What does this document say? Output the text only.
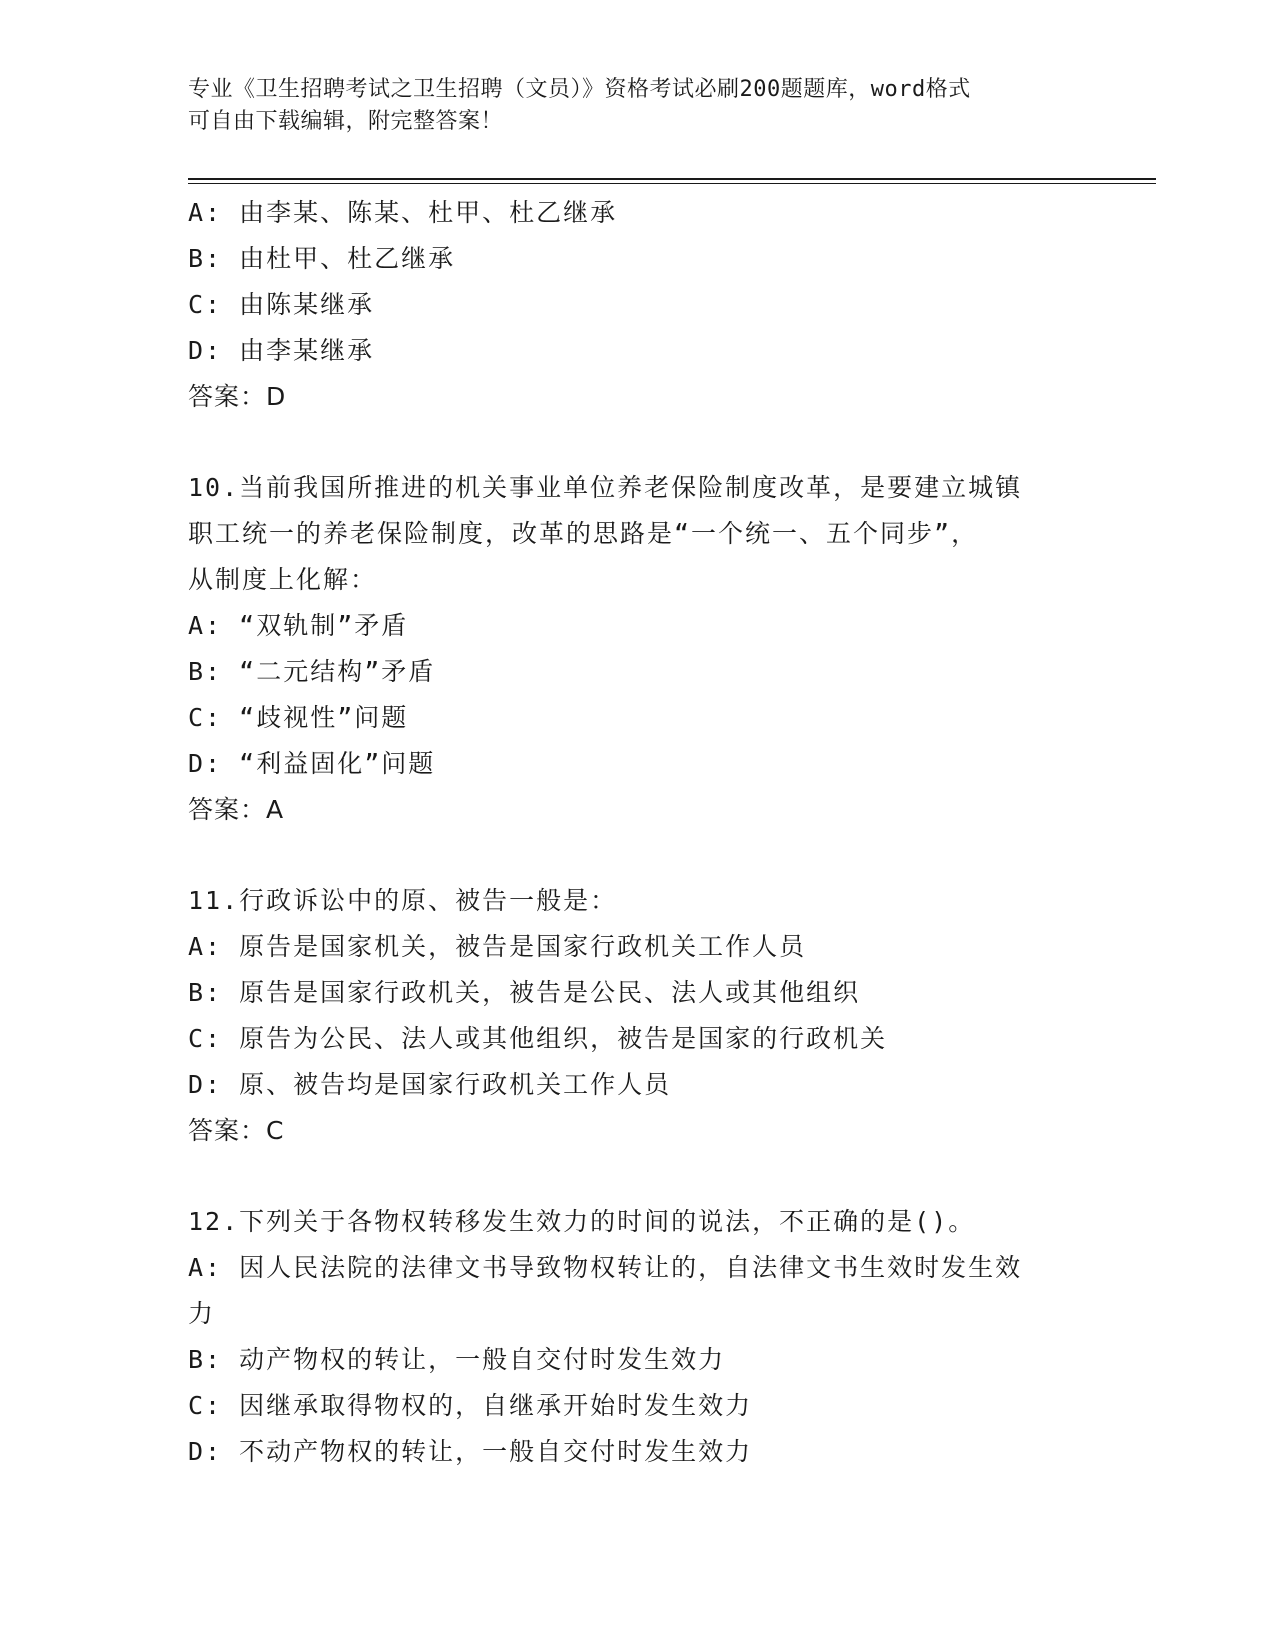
专业《卫生招聘考试之卫生招聘（文员）》资格考试必刷200题题库，word格式
可自由下载编辑，附完整答案！
A: 由李某、陈某、杜甲、杜乙继承
B: 由杜甲、杜乙继承
C: 由陈某继承
D: 由李某继承
答案：D
10.当前我国所推进的机关事业单位养老保险制度改革，是要建立城镇
职工统一的养老保险制度，改革的思路是“一个统一、五个同步”，
从制度上化解：
A: “双轨制”矛盾
B: “二元结构”矛盾
C: “歧视性”问题
D: “利益固化”问题
答案：A
11.行政诉讼中的原、被告一般是：
A: 原告是国家机关，被告是国家行政机关工作人员
B: 原告是国家行政机关，被告是公民、法人或其他组织
C: 原告为公民、法人或其他组织，被告是国家的行政机关
D: 原、被告均是国家行政机关工作人员
答案：C
12.下列关于各物权转移发生效力的时间的说法，不正确的是()。
A: 因人民法院的法律文书导致物权转让的，自法律文书生效时发生效
力
B: 动产物权的转让，一般自交付时发生效力
C: 因继承取得物权的，自继承开始时发生效力
D: 不动产物权的转让，一般自交付时发生效力
